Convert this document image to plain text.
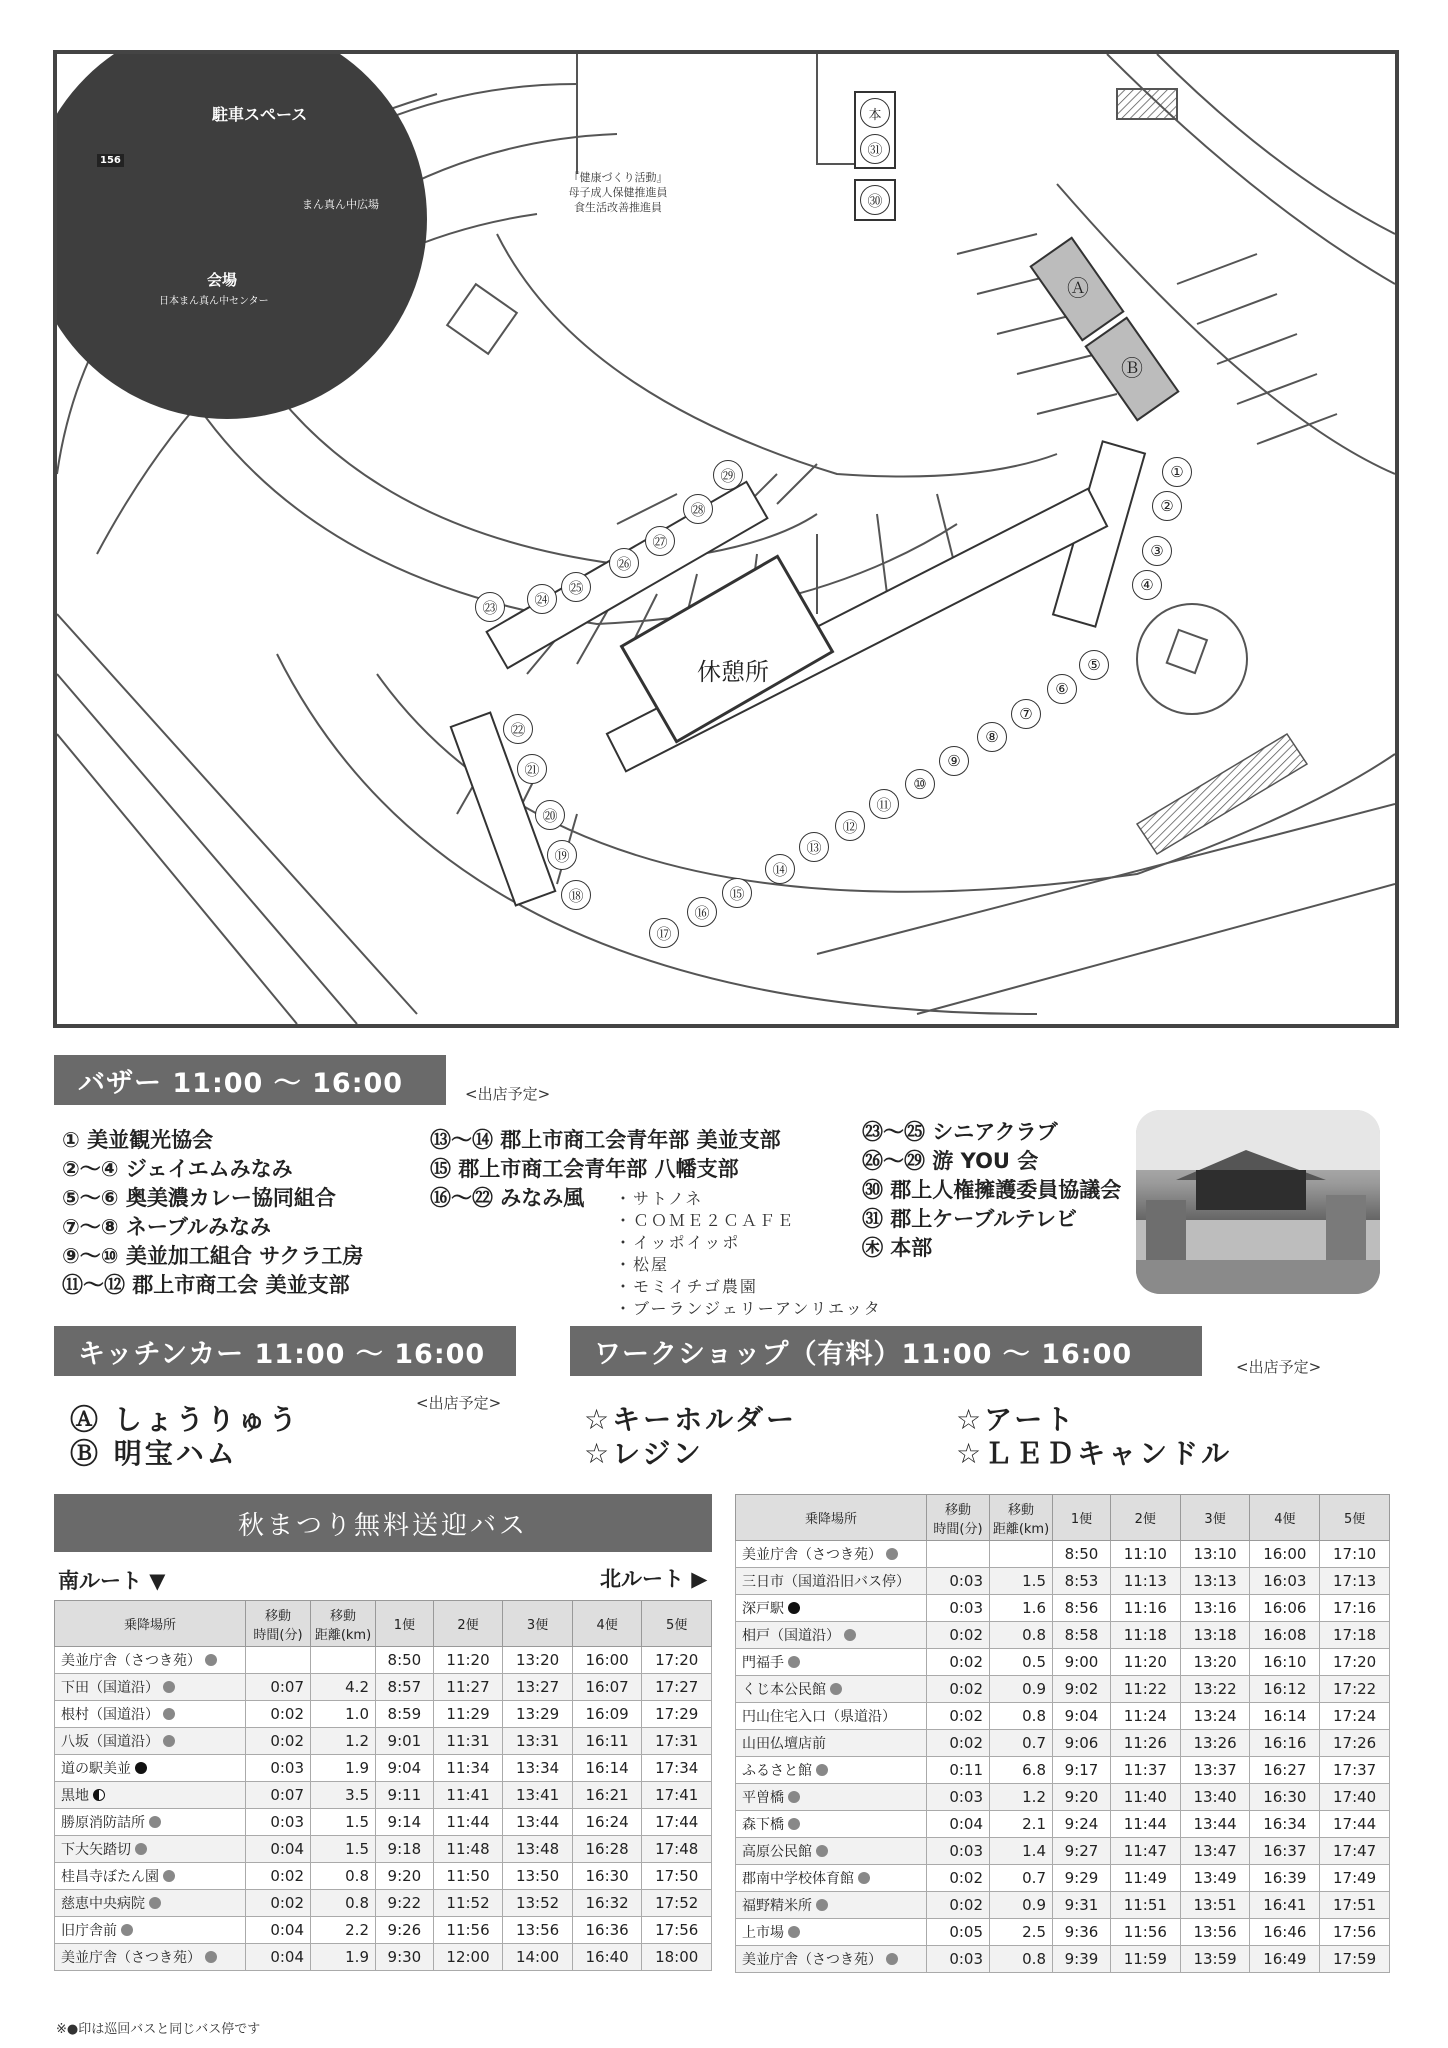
駐車スペース
まん真ん中広場
会場
日本まん真ん中センター
156
『健康づくり活動』
母子成人保健推進員
食生活改善推進員
休憩所
①
②
③
④
⑤
⑥
⑦
⑧
⑨
⑩
⑪
⑫
⑬
⑭
⑮
⑯
⑰
⑱
⑲
⑳
㉑
㉒
㉓	㉔
㉕
㉖
㉗
㉘
㉙
㉚
㉛
本
Ⓐ
Ⓑ
バザー 11:00 ～ 16:00	<出店予定>
① 美並観光協会
②～④ ジェイエムみなみ
⑤～⑥ 奥美濃カレー協同組合
⑦～⑧ ネーブルみなみ
⑨～⑩ 美並加工組合 サクラ工房
⑪～⑫ 郡上市商工会 美並支部
⑬～⑭ 郡上市商工会青年部 美並支部
⑮ 郡上市商工会青年部 八幡支部
⑯～㉒ みなみ風 ・サトノネ
・ＣＯＭＥ２ＣＡＦＥ
・イッポイッポ
・松屋
・モミイチゴ農園
・ブーランジェリーアンリエッタ
㉓～㉕ シニアクラブ
㉖～㉙ 游 YOU 会
㉚ 郡上人権擁護委員協議会
㉛ 郡上ケーブルテレビ
㊍ 本部
キッチンカー 11:00 ～ 16:00
<出店予定>
Ⓐ しょうりゅう
Ⓑ 明宝ハム
ワークショップ（有料）11:00 ～ 16:00	<出店予定>
☆キーホルダー	☆アート
☆レジン	☆ＬＥＤキャンドル
秋まつり無料送迎バス
南ルート ▼	北ルート ▶
乗降場所	移動
時間(分)	移動
距離(km)	1便	2便	3便	4便	5便
美並庁舎（さつき苑）			8:50	11:20	13:20	16:00	17:20
下田（国道沿）	0:07	4.2	8:57	11:27	13:27	16:07	17:27
根村（国道沿）	0:02	1.0	8:59	11:29	13:29	16:09	17:29
八坂（国道沿）	0:02	1.2	9:01	11:31	13:31	16:11	17:31
道の駅美並	0:03	1.9	9:04	11:34	13:34	16:14	17:34
黒地	0:07	3.5	9:11	11:41	13:41	16:21	17:41
勝原消防詰所	0:03	1.5	9:14	11:44	13:44	16:24	17:44
下大矢踏切	0:04	1.5	9:18	11:48	13:48	16:28	17:48
桂昌寺ぼたん園	0:02	0.8	9:20	11:50	13:50	16:30	17:50
慈恵中央病院	0:02	0.8	9:22	11:52	13:52	16:32	17:52
旧庁舎前	0:04	2.2	9:26	11:56	13:56	16:36	17:56
美並庁舎（さつき苑）	0:04	1.9	9:30	12:00	14:00	16:40	18:00
乗降場所	移動
時間(分)	移動
距離(km)	1便	2便	3便	4便	5便
美並庁舎（さつき苑）			8:50	11:10	13:10	16:00	17:10
三日市（国道沿旧バス停）	0:03	1.5	8:53	11:13	13:13	16:03	17:13
深戸駅	0:03	1.6	8:56	11:16	13:16	16:06	17:16
相戸（国道沿）	0:02	0.8	8:58	11:18	13:18	16:08	17:18
門福手	0:02	0.5	9:00	11:20	13:20	16:10	17:20
くじ本公民館	0:02	0.9	9:02	11:22	13:22	16:12	17:22
円山住宅入口（県道沿）	0:02	0.8	9:04	11:24	13:24	16:14	17:24
山田仏壇店前	0:02	0.7	9:06	11:26	13:26	16:16	17:26
ふるさと館	0:11	6.8	9:17	11:37	13:37	16:27	17:37
平曽橋	0:03	1.2	9:20	11:40	13:40	16:30	17:40
森下橋	0:04	2.1	9:24	11:44	13:44	16:34	17:44
高原公民館	0:03	1.4	9:27	11:47	13:47	16:37	17:47
郡南中学校体育館	0:02	0.7	9:29	11:49	13:49	16:39	17:49
福野精米所	0:02	0.9	9:31	11:51	13:51	16:41	17:51
上市場	0:05	2.5	9:36	11:56	13:56	16:46	17:56
美並庁舎（さつき苑）	0:03	0.8	9:39	11:59	13:59	16:49	17:59
※●印は巡回バスと同じバス停です
